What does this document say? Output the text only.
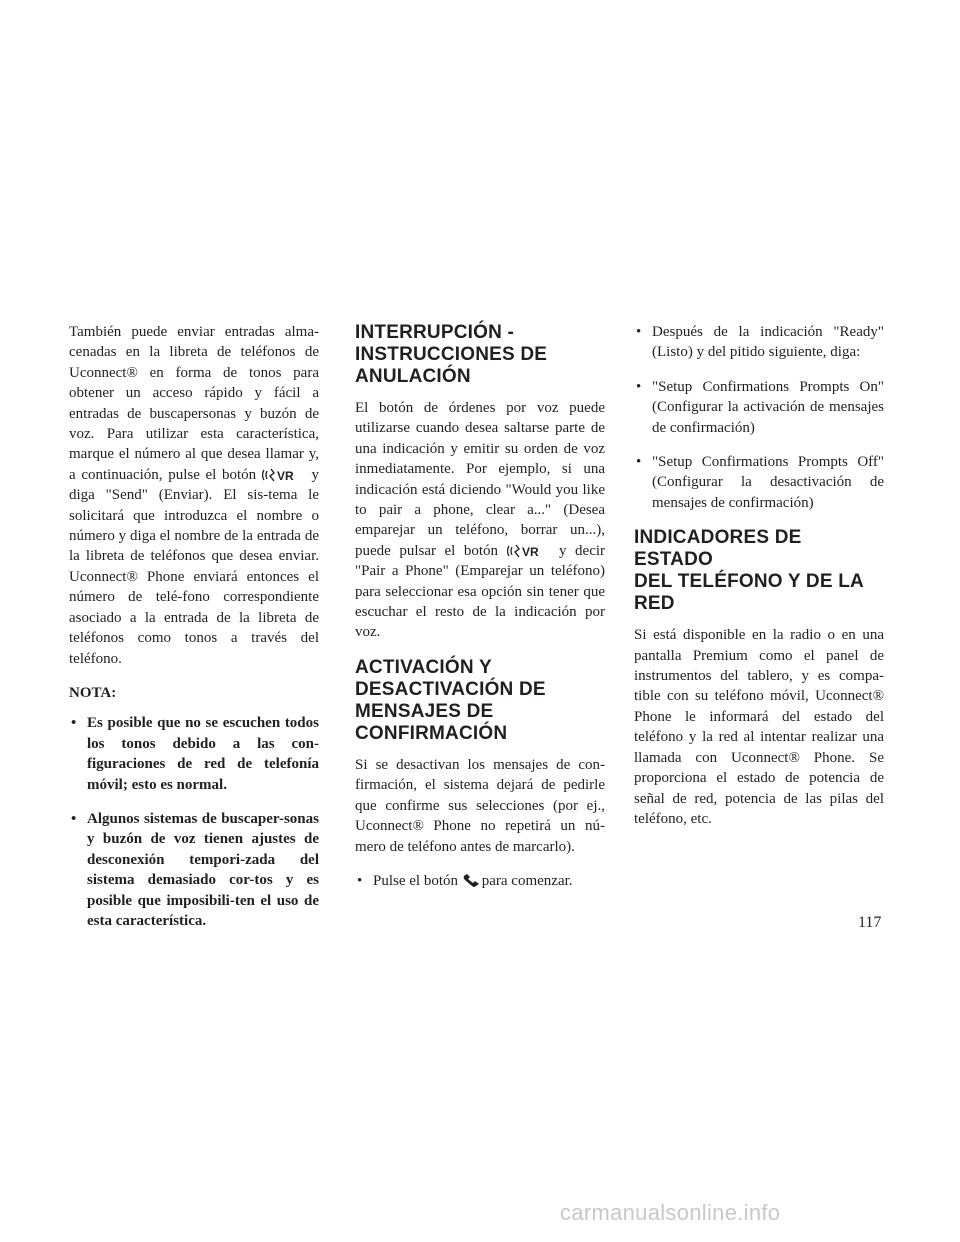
También puede enviar entradas alma-cenadas en la libreta de teléfonos de Uconnect® en forma de tonos para obtener un acceso rápido y fácil a entradas de buscapersonas y buzón de voz. Para utilizar esta característica, marque el número al que desea llamar y, a continuación, pulse el botón VR y diga "Send" (Enviar). El sis-tema le solicitará que introduzca el nombre o número y diga el nombre de la entrada de la libreta de teléfonos que desea enviar. Uconnect® Phone enviará entonces el número de telé-fono correspondiente asociado a la entrada de la libreta de teléfonos como tonos a través del teléfono.

NOTA:

• Es posible que no se escuchen todos los tonos debido a las con-figuraciones de red de telefonía móvil; esto es normal.
• Algunos sistemas de buscaper-sonas y buzón de voz tienen ajustes de desconexión tempori-zada del sistema demasiado cor-tos y es posible que imposibili-ten el uso de esta característica.
INTERRUPCIÓN -
INSTRUCCIONES DE
ANULACIÓN

El botón de órdenes por voz puede utilizarse cuando desea saltarse parte de una indicación y emitir su orden de voz inmediatamente. Por ejemplo, si una indicación está diciendo "Would you like to pair a phone, clear a..." (Desea emparejar un teléfono, borrar un...), puede pulsar el botón VR y decir "Pair a Phone" (Emparejar un teléfono) para seleccionar esa opción sin tener que escuchar el resto de la indicación por voz.

ACTIVACIÓN Y
DESACTIVACIÓN DE
MENSAJES DE
CONFIRMACIÓN

Si se desactivan los mensajes de con-firmación, el sistema dejará de pedirle que confirme sus selecciones (por ej., Uconnect® Phone no repetirá un nú-mero de teléfono antes de marcarlo).

• Pulse el botón para comenzar.
• Después de la indicación "Ready" (Listo) y del pitido siguiente, diga:
• "Setup Confirmations Prompts On" (Configurar la activación de mensajes de confirmación)
• "Setup Confirmations Prompts Off" (Configurar la desactivación de mensajes de confirmación)
INDICADORES DE ESTADO
DEL TELÉFONO Y DE LA
RED

Si está disponible en la radio o en una pantalla Premium como el panel de instrumentos del tablero, y es compa-tible con su teléfono móvil, Uconnect® Phone le informará del estado del teléfono y la red al intentar realizar una llamada con Uconnect® Phone. Se proporciona el estado de potencia de señal de red, potencia de las pilas del teléfono, etc.

117
carmanualsonline.info
